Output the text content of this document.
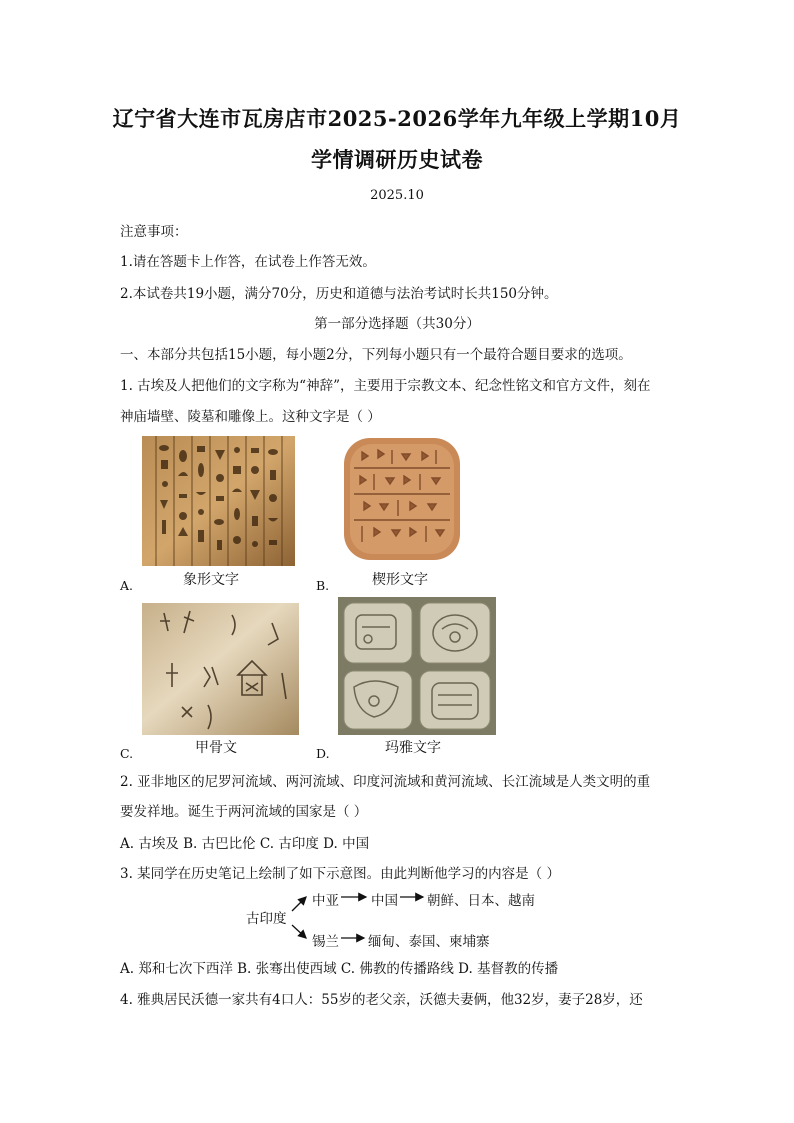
辽宁省大连市瓦房店市2025-2026学年九年级上学期10月
学情调研历史试卷
2025.10
注意事项：
1.请在答题卡上作答，在试卷上作答无效。
2.本试卷共19小题，满分70分，历史和道德与法治考试时长共150分钟。
第一部分选择题（共30分）
一、本部分共包括15小题，每小题2分，下列每小题只有一个最符合题目要求的选项。
1. 古埃及人把他们的文字称为“神辞”，主要用于宗教文本、纪念性铭文和官方文件，刻在
神庙墙壁、陵墓和雕像上。这种文字是（ ）
A.	象形文字	B.	楔形文字
C.	甲骨文	D.	玛雅文字
2. 亚非地区的尼罗河流域、两河流域、印度河流域和黄河流域、长江流域是人类文明的重
要发祥地。诞生于两河流域的国家是（ ）
A. 古埃及 B. 古巴比伦 C. 古印度 D. 中国
3. 某同学在历史笔记上绘制了如下示意图。由此判断他学习的内容是（ ）
古印度
中亚 中国 朝鲜、日本、越南
锡兰 缅甸、泰国、柬埔寨
A. 郑和七次下西洋 B. 张骞出使西域 C. 佛教的传播路线 D. 基督教的传播
4. 雅典居民沃德一家共有4口人：55岁的老父亲，沃德夫妻俩，他32岁，妻子28岁，还
